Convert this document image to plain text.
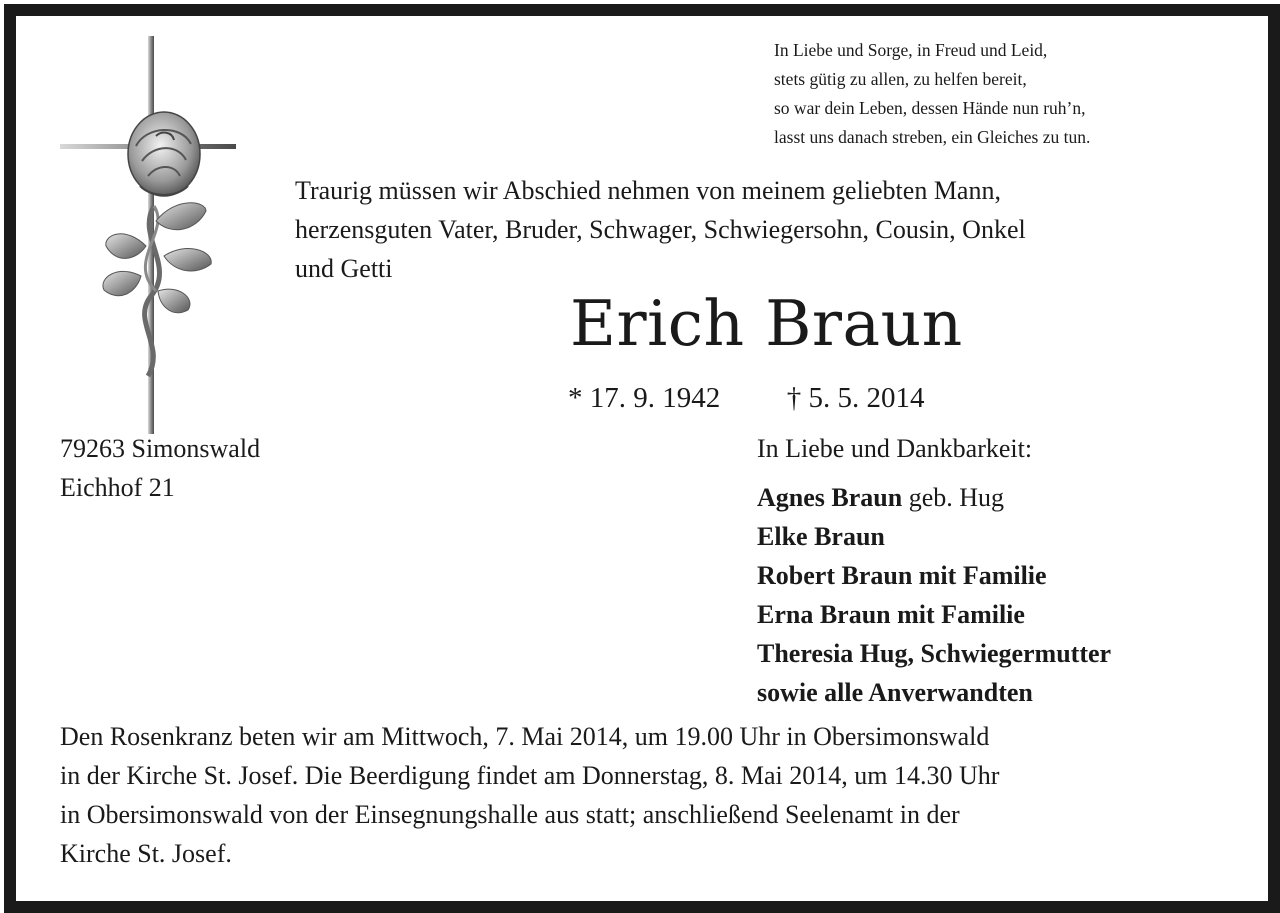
In Liebe und Sorge, in Freud und Leid,
stets gütig zu allen, zu helfen bereit,
so war dein Leben, dessen Hände nun ruh’n,
lasst uns danach streben, ein Gleiches zu tun.
Traurig müssen wir Abschied nehmen von meinem geliebten Mann,
herzensguten Vater, Bruder, Schwager, Schwiegersohn, Cousin, Onkel
und Getti
Erich Braun
* 17. 9. 1942 † 5. 5. 2014
79263 Simonswald
Eichhof 21
In Liebe und Dankbarkeit:
Agnes Braun geb. Hug
Elke Braun
Robert Braun mit Familie
Erna Braun mit Familie
Theresia Hug, Schwiegermutter
sowie alle Anverwandten
Den Rosenkranz beten wir am Mittwoch, 7. Mai 2014, um 19.00 Uhr in Obersimonswald
in der Kirche St. Josef. Die Beerdigung findet am Donnerstag, 8. Mai 2014, um 14.30 Uhr
in Obersimonswald von der Einsegnungshalle aus statt; anschließend Seelenamt in der
Kirche St. Josef.
